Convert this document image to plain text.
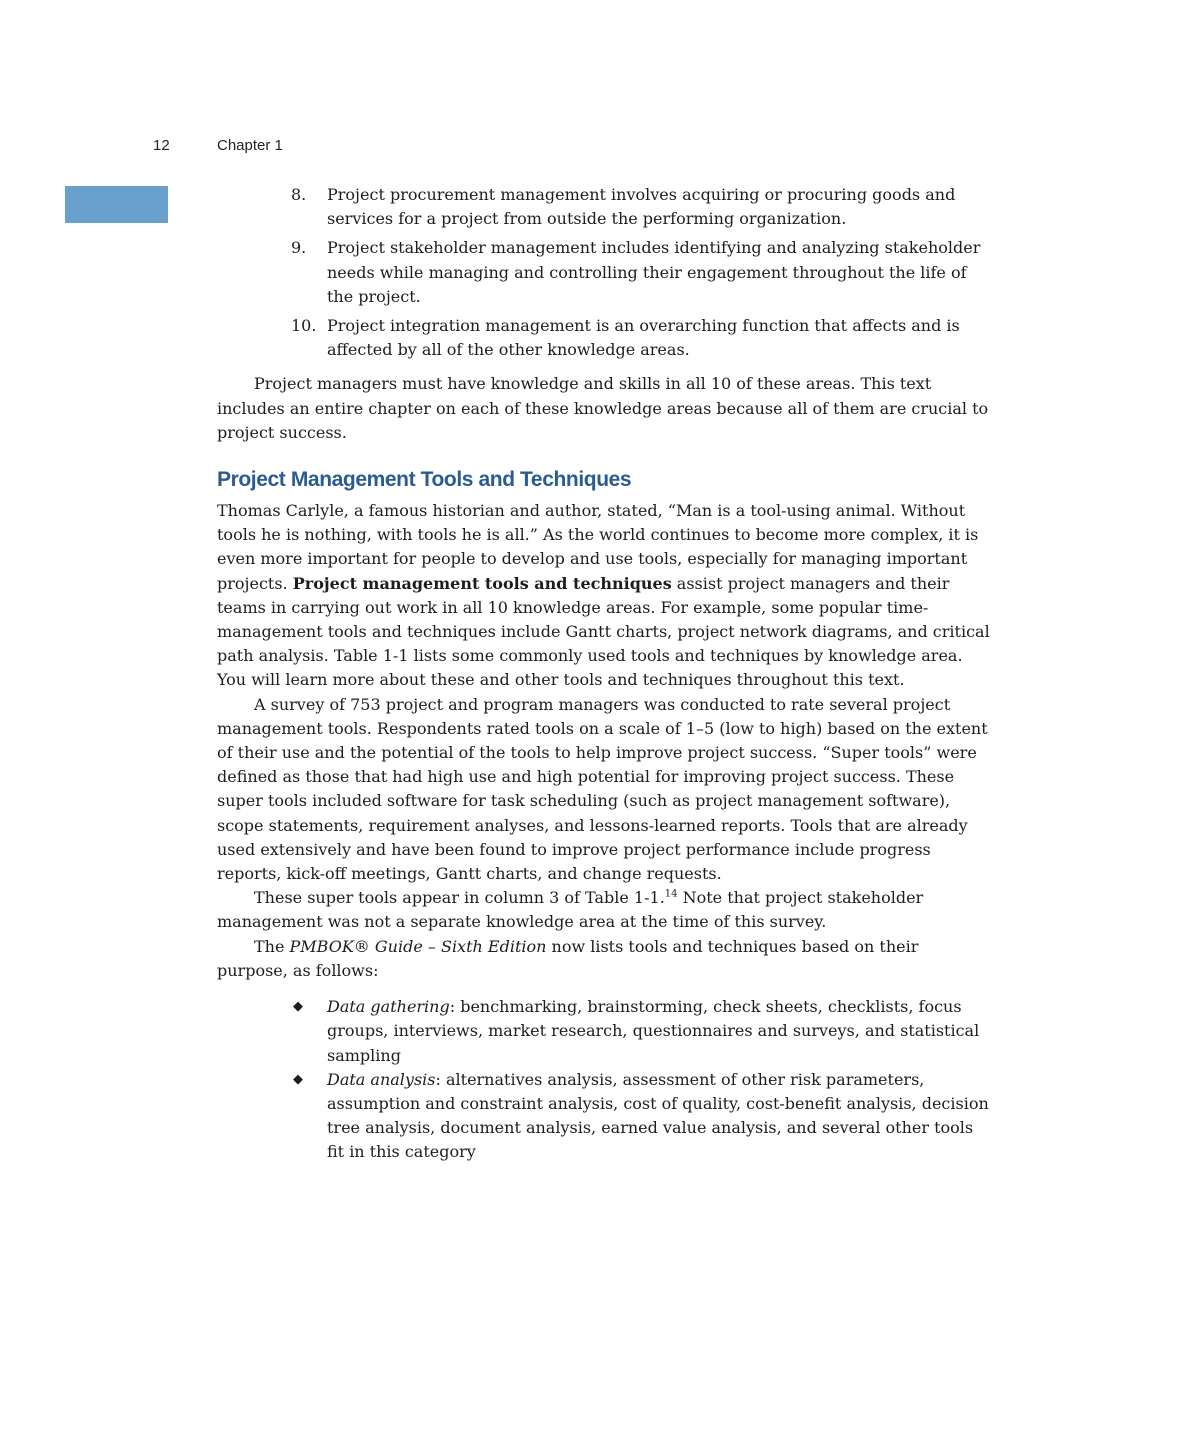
12	Chapter 1
8. Project procurement management involves acquiring or procuring goods and services for a project from outside the performing organization.
9. Project stakeholder management includes identifying and analyzing stakeholder needs while managing and controlling their engagement throughout the life of the project.
10. Project integration management is an overarching function that affects and is affected by all of the other knowledge areas.

Project managers must have knowledge and skills in all 10 of these areas. This text includes an entire chapter on each of these knowledge areas because all of them are crucial to project success.

Project Management Tools and Techniques

Thomas Carlyle, a famous historian and author, stated, “Man is a tool-using animal. Without tools he is nothing, with tools he is all.” As the world continues to become more complex, it is even more important for people to develop and use tools, especially for managing important projects. Project management tools and techniques assist project managers and their teams in carrying out work in all 10 knowledge areas. For example, some popular time-management tools and techniques include Gantt charts, project network diagrams, and critical path analysis. Table 1-1 lists some commonly used tools and techniques by knowledge area. You will learn more about these and other tools and techniques throughout this text.

A survey of 753 project and program managers was conducted to rate several project management tools. Respondents rated tools on a scale of 1–5 (low to high) based on the extent of their use and the potential of the tools to help improve project success. “Super tools” were defined as those that had high use and high potential for improving project success. These super tools included software for task scheduling (such as project management software), scope statements, requirement analyses, and lessons-learned reports. Tools that are already used extensively and have been found to improve project performance include progress reports, kick-off meetings, Gantt charts, and change requests.

These super tools appear in column 3 of Table 1-1.14 Note that project stakeholder management was not a separate knowledge area at the time of this survey.

The PMBOK® Guide – Sixth Edition now lists tools and techniques based on their purpose, as follows:

◆ Data gathering: benchmarking, brainstorming, check sheets, checklists, focus groups, interviews, market research, questionnaires and surveys, and statistical sampling
◆ Data analysis: alternatives analysis, assessment of other risk parameters, assumption and constraint analysis, cost of quality, cost-benefit analysis, decision tree analysis, document analysis, earned value analysis, and several other tools fit in this category
